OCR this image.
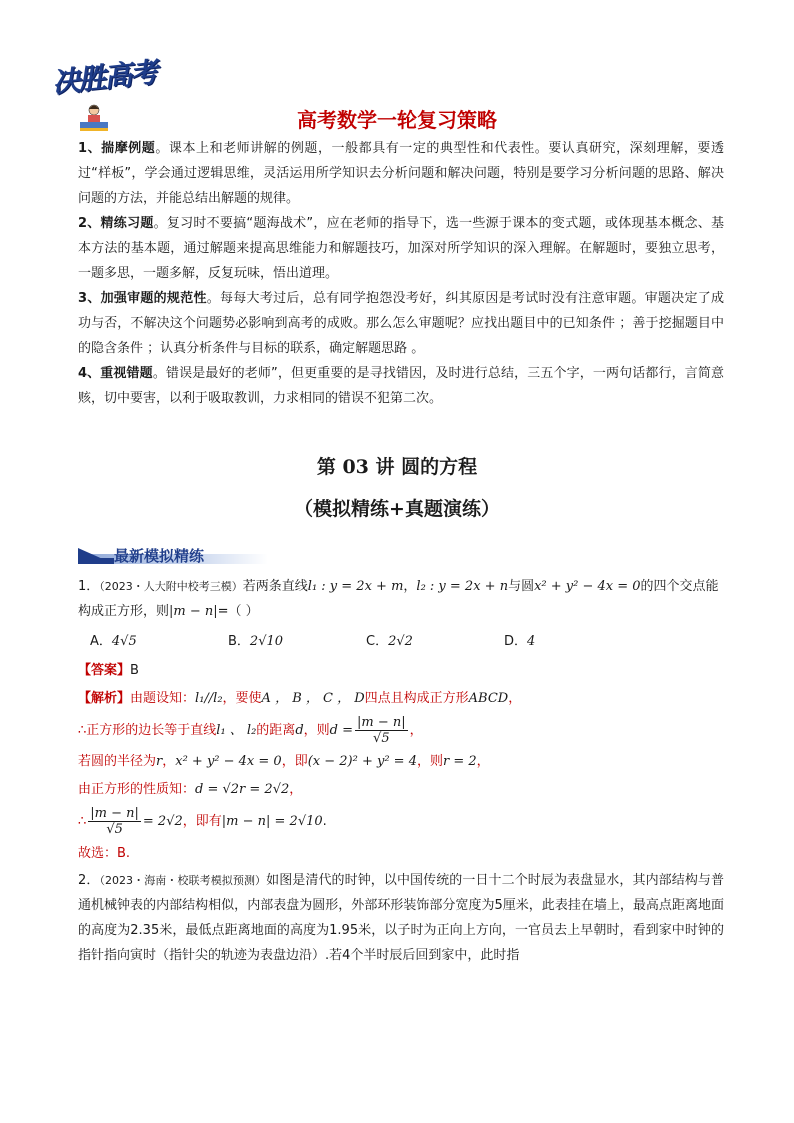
决胜高考
高考数学一轮复习策略

1、揣摩例题。课本上和老师讲解的例题，一般都具有一定的典型性和代表性。要认真研究，深刻理解，要透过“样板”，学会通过逻辑思维，灵活运用所学知识去分析问题和解决问题，特别是要学习分析问题的思路、解决问题的方法，并能总结出解题的规律。

2、精练习题。复习时不要搞“题海战术”，应在老师的指导下，选一些源于课本的变式题，或体现基本概念、基本方法的基本题，通过解题来提高思维能力和解题技巧，加深对所学知识的深入理解。在解题时，要独立思考，一题多思，一题多解，反复玩味，悟出道理。

3、加强审题的规范性。每每大考过后，总有同学抱怨没考好，纠其原因是考试时没有注意审题。审题决定了成功与否，不解决这个问题势必影响到高考的成败。那么怎么审题呢？应找出题目中的已知条件 ；善于挖掘题目中的隐含条件 ；认真分析条件与目标的联系，确定解题思路 。

4、重视错题。错误是最好的老师”，但更重要的是寻找错因，及时进行总结，三五个字，一两句话都行，言简意赅，切中要害，以利于吸取教训，力求相同的错误不犯第二次。

第 03 讲 圆的方程
（模拟精练+真题演练）
最新模拟精练

1．（2023・人大附中校考三模）若两条直线l₁ : y = 2x + m，l₂ : y = 2x + n与圆x² + y² − 4x = 0的四个交点能

构成正方形，则|m − n|=（ ）

A．4√5	B．2√10	C．2√2	D．4

【答案】B

【解析】由题设知：l₁//l₂，要使A ， B ， C ， D四点且构成正方形ABCD，

∴正方形的边长等于直线l₁ 、 l₂的距离d，则$d = \frac{|m - n|}{√5}$ ，

若圆的半径为r，x² + y² − 4x = 0，即(x − 2)² + y² = 4，则r = 2，

由正方形的性质知：d = √2r = 2√2，

∴ $\frac{|m - n|}{√5} = 2√2$，即有|m − n| = 2√10.

故选：B.

2．（2023・海南・校联考模拟预测）如图是清代的时钟，以中国传统的一日十二个时辰为表盘显水，其内部结构与普通机械钟表的内部结构相似，内部表盘为圆形，外部环形装饰部分宽度为5厘米，此表挂在墙上，最高点距离地面的高度为2.35米，最低点距离地面的高度为1.95米，以子时为正向上方向，一官员去上早朝时，看到家中时钟的指针指向寅时（指针尖的轨迹为表盘边沿）.若4个半时辰后回到家中，此时指
